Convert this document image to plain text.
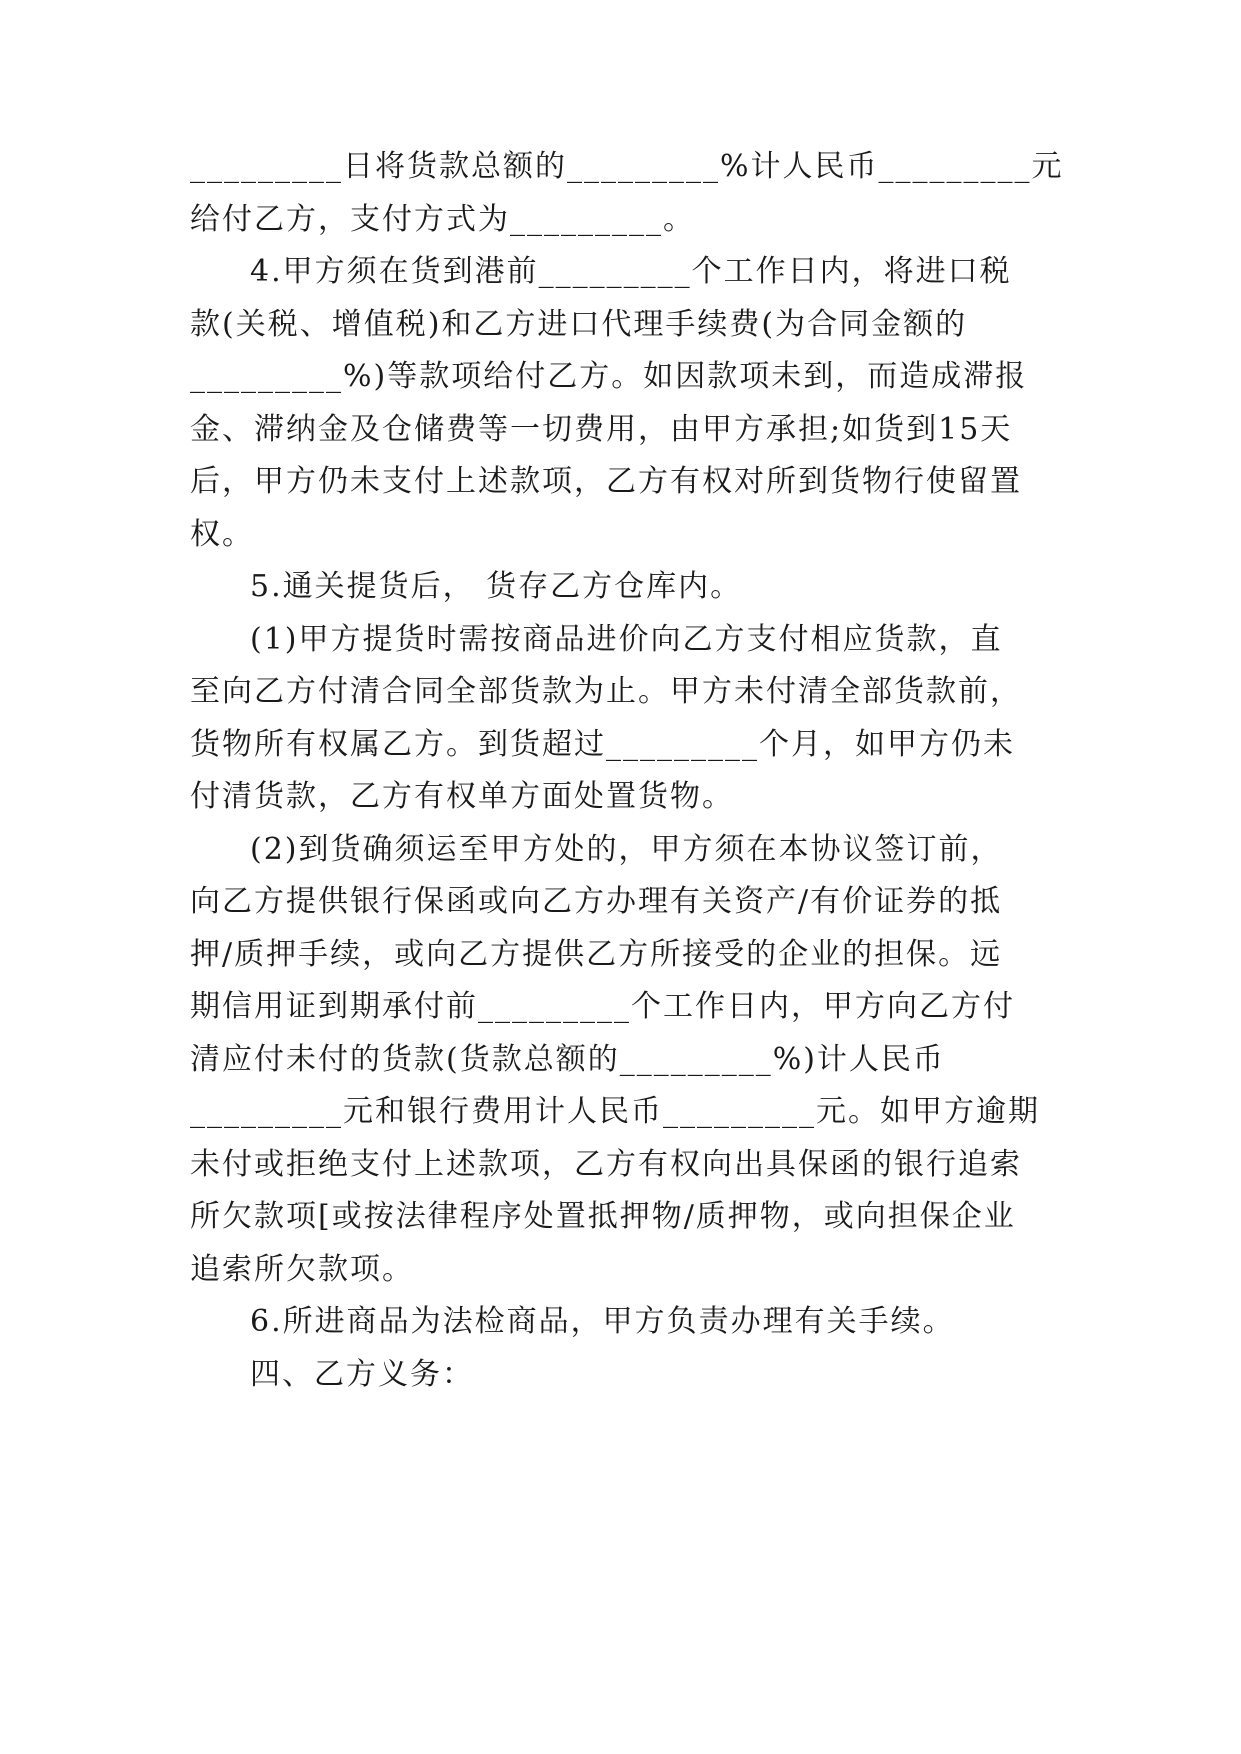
_________日将货款总额的_________%计人民币_________元
给付乙方，支付方式为_________。
4.甲方须在货到港前_________个工作日内，将进口税
款(关税、增值税)和乙方进口代理手续费(为合同金额的
_________%)等款项给付乙方。如因款项未到，而造成滞报
金、滞纳金及仓储费等一切费用，由甲方承担;如货到15天
后，甲方仍未支付上述款项，乙方有权对所到货物行使留置
权。
5.通关提货后， 货存乙方仓库内。
(1)甲方提货时需按商品进价向乙方支付相应货款，直
至向乙方付清合同全部货款为止。甲方未付清全部货款前，
货物所有权属乙方。到货超过_________个月，如甲方仍未
付清货款，乙方有权单方面处置货物。
(2)到货确须运至甲方处的，甲方须在本协议签订前，
向乙方提供银行保函或向乙方办理有关资产/有价证券的抵
押/质押手续，或向乙方提供乙方所接受的企业的担保。远
期信用证到期承付前_________个工作日内，甲方向乙方付
清应付未付的货款(货款总额的_________%)计人民币
_________元和银行费用计人民币_________元。如甲方逾期
未付或拒绝支付上述款项，乙方有权向出具保函的银行追索
所欠款项[或按法律程序处置抵押物/质押物，或向担保企业
追索所欠款项。
6.所进商品为法检商品，甲方负责办理有关手续。
四、乙方义务：
